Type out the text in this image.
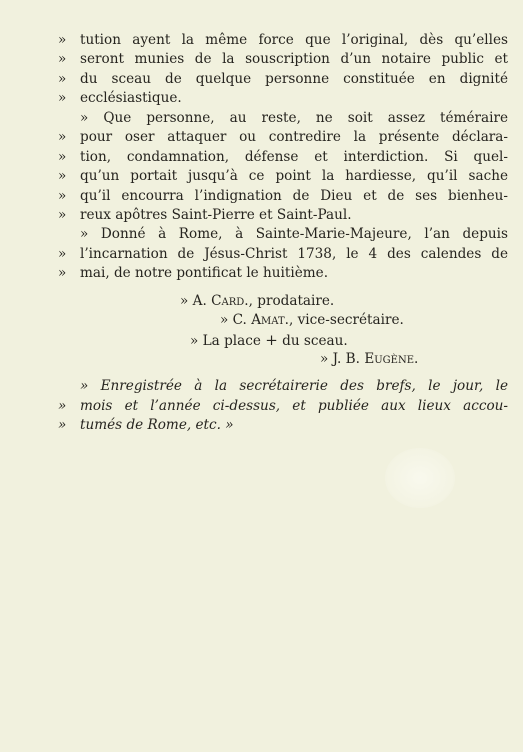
»	tution ayent la même force que l’original, dès qu’elles
»	seront munies de la souscription d’un notaire public et
»	du sceau de quelque personne constituée en dignité
»	ecclésiastique.
» Que personne, au reste, ne soit assez téméraire
»	pour oser attaquer ou contredire la présente déclara-
»	tion, condamnation, défense et interdiction. Si quel-
»	qu’un portait jusqu’à ce point la hardiesse, qu’il sache
»	qu’il encourra l’indignation de Dieu et de ses bienheu-
»	reux apôtres Saint-Pierre et Saint-Paul.
» Donné à Rome, à Sainte-Marie-Majeure, l’an depuis
»	l’incarnation de Jésus-Christ 1738, le 4 des calendes de
»	mai, de notre pontificat le huitième.
» A. Card., prodataire.
» C. Amat., vice-secrétaire.
» La place + du sceau.
» J. B. Eugène.
» Enregistrée à la secrétairerie des brefs, le jour, le
»	mois et l’année ci-dessus, et publiée aux lieux accou-
»	tumés de Rome, etc. »
